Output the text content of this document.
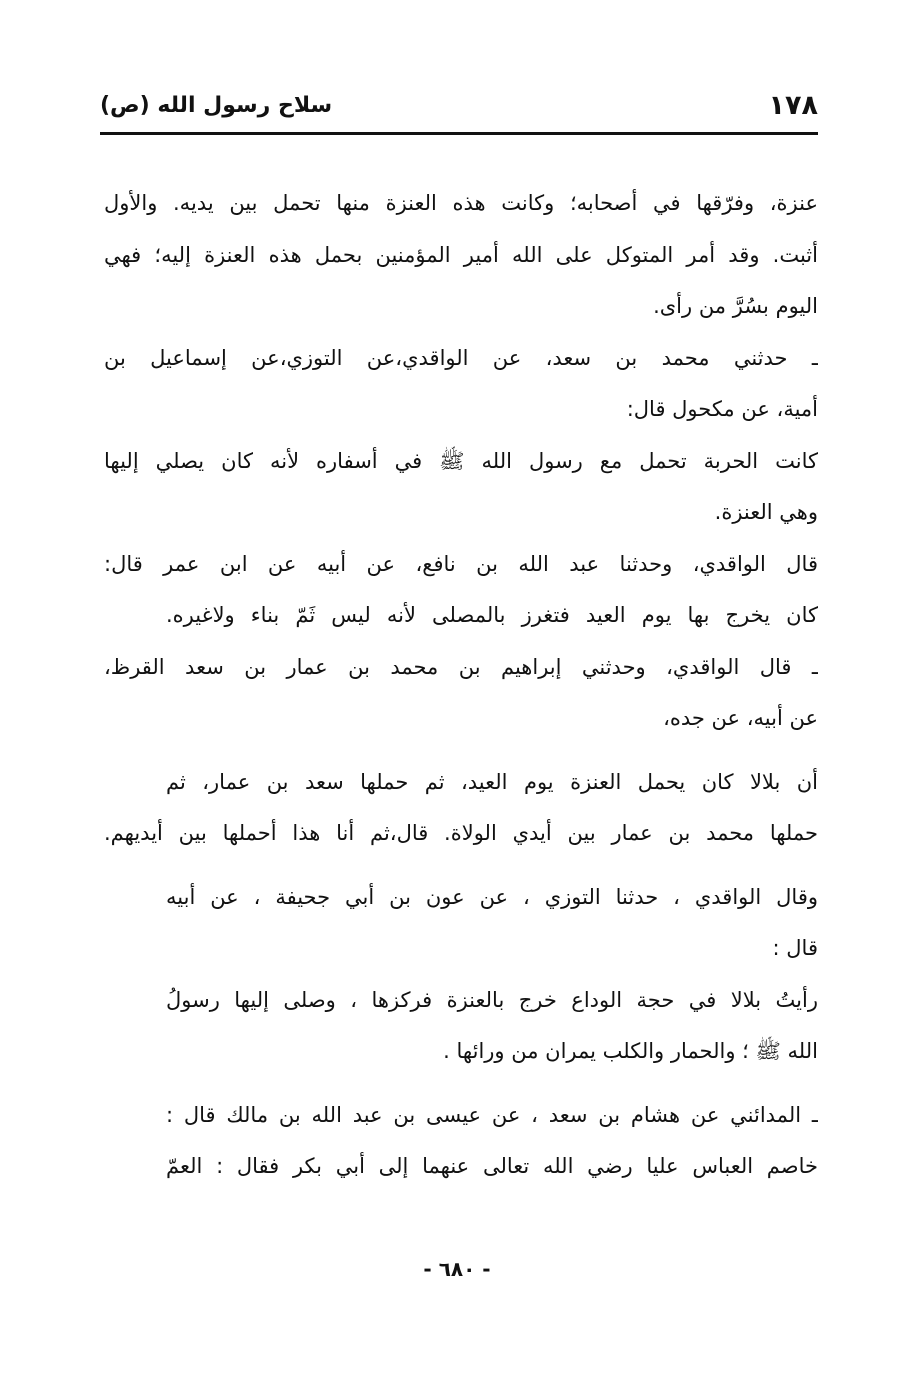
١٧٨
سلاح رسول الله (ص)
عنزة، وفرّقها في أصحابه؛ وكانت هذه العنزة منها تحمل بين يديه. والأول
أثبت. وقد أمر المتوكل على الله أمير المؤمنين بحمل هذه العنزة إليه؛ فهي
اليوم بسُرَّ من رأى.
ـ حدثني محمد بن سعد، عن الواقدي،عن التوزي،عن إسماعيل بن
أمية، عن مكحول قال:
كانت الحربة تحمل مع رسول الله ﷺ في أسفاره لأنه كان يصلي إليها
وهي العنزة.
قال الواقدي، وحدثنا عبد الله بن نافع، عن أبيه عن ابن عمر قال:
كان يخرج بها يوم العيد فتغرز بالمصلى لأنه ليس ثَمّ بناء ولاغيره.
ـ قال الواقدي، وحدثني إبراهيم بن محمد بن عمار بن سعد القرظ،
عن أبيه، عن جده،
أن بلالا كان يحمل العنزة يوم العيد، ثم حملها سعد بن عمار، ثم
حملها محمد بن عمار بين أيدي الولاة. قال،ثم أنا هذا أحملها بين أيديهم.
وقال الواقدي ، حدثنا التوزي ، عن عون بن أبي جحيفة ، عن أبيه
قال :
رأيتُ بلالا في حجة الوداع خرج بالعنزة فركزها ، وصلى إليها رسولُ
الله ﷺ ؛ والحمار والكلب يمران من ورائها .
ـ المدائني عن هشام بن سعد ، عن عيسى بن عبد الله بن مالك قال :
خاصم العباس عليا رضي الله تعالى عنهما إلى أبي بكر فقال : العمّ
- ٦٨٠ -
